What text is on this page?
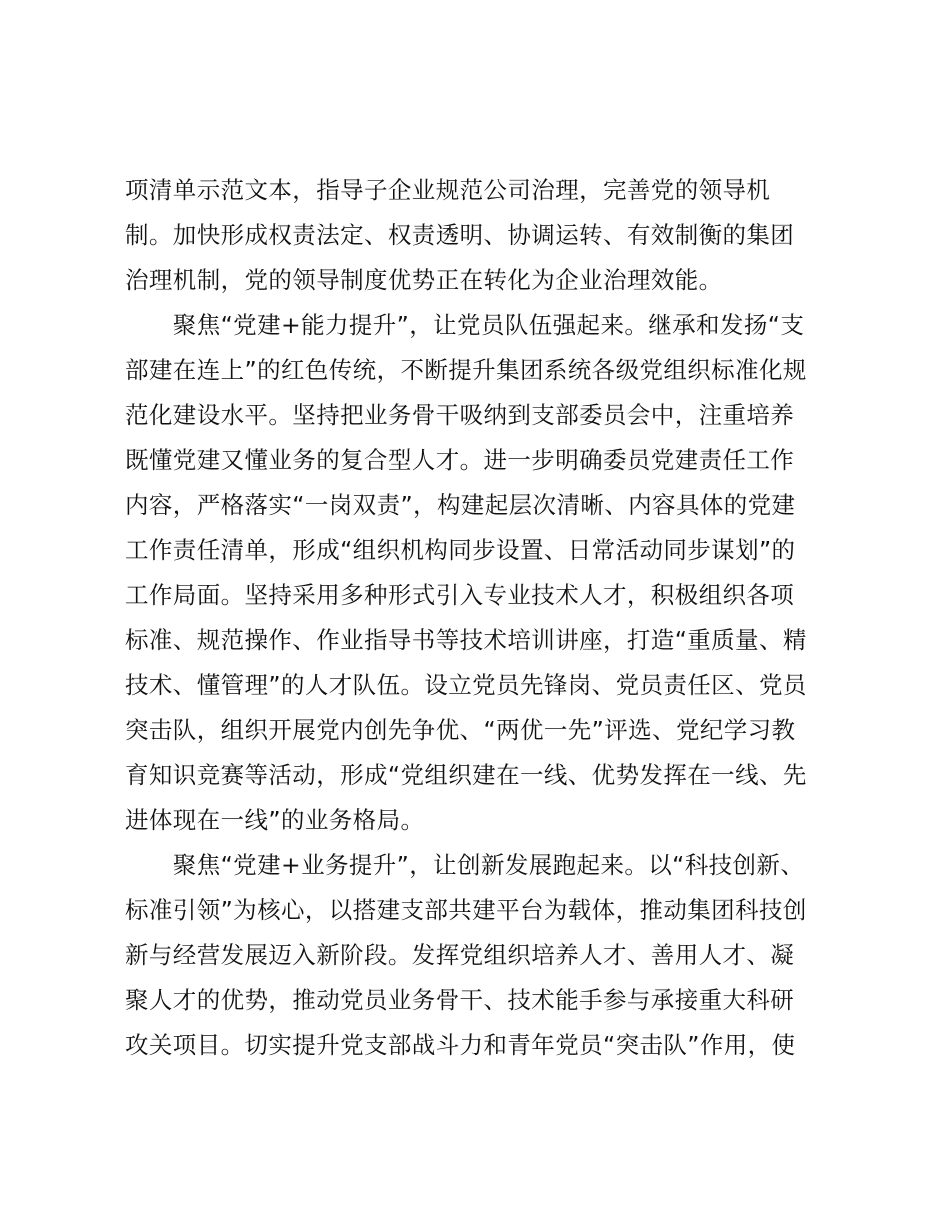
项清单示范文本，指导子企业规范公司治理，完善党的领导机
制。加快形成权责法定、权责透明、协调运转、有效制衡的集团
治理机制，党的领导制度优势正在转化为企业治理效能。
　　聚焦“党建+能力提升”，让党员队伍强起来。继承和发扬“支
部建在连上”的红色传统，不断提升集团系统各级党组织标准化规
范化建设水平。坚持把业务骨干吸纳到支部委员会中，注重培养
既懂党建又懂业务的复合型人才。进一步明确委员党建责任工作
内容，严格落实“一岗双责”，构建起层次清晰、内容具体的党建
工作责任清单，形成“组织机构同步设置、日常活动同步谋划”的
工作局面。坚持采用多种形式引入专业技术人才，积极组织各项
标准、规范操作、作业指导书等技术培训讲座，打造“重质量、精
技术、懂管理”的人才队伍。设立党员先锋岗、党员责任区、党员
突击队，组织开展党内创先争优、“两优一先”评选、党纪学习教
育知识竞赛等活动，形成“党组织建在一线、优势发挥在一线、先
进体现在一线”的业务格局。
　　聚焦“党建+业务提升”，让创新发展跑起来。以“科技创新、
标准引领”为核心，以搭建支部共建平台为载体，推动集团科技创
新与经营发展迈入新阶段。发挥党组织培养人才、善用人才、凝
聚人才的优势，推动党员业务骨干、技术能手参与承接重大科研
攻关项目。切实提升党支部战斗力和青年党员“突击队”作用，使
